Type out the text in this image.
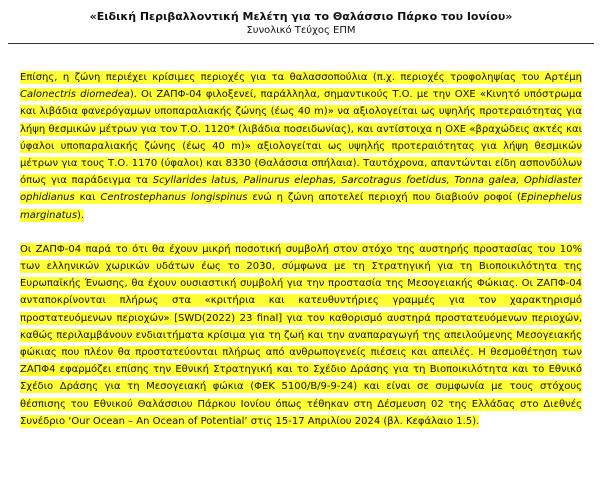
«Ειδική Περιβαλλοντική Μελέτη για το Θαλάσσιο Πάρκο του Ιονίου»

Συνολικό Τεύχος ΕΠΜ

Επίσης, η ζώνη περιέχει κρίσιμες περιοχές για τα θαλασσοπούλια (π.χ. περιοχές τροφοληψίας του Αρτέμη Calonectris diomedea). Οι ΖΑΠΦ-04 φιλοξενεί, παράλληλα, σημαντικούς Τ.Ο. με την ΟΧΕ «Κινητό υπόστρωμα και λιβάδια φανερόγαμων υποπαραλιακής ζώνης (έως 40 m)» να αξιολογείται ως υψηλής προτεραιότητας για λήψη θεσμικών μέτρων για τον Τ.Ο. 1120* (λιβάδια ποσειδωνίας), και αντίστοιχα η ΟΧΕ «βραχώδεις ακτές και ύφαλοι υποπαραλιακής ζώνης (έως 40 m)» αξιολογείται ως υψηλής προτεραιότητας για λήψη θεσμικών μέτρων για τους Τ.Ο. 1170 (ύφαλοι) και 8330 (Θαλάσσια σπήλαια). Ταυτόχρονα, απαντώνται είδη ασπονδύλων όπως για παράδειγμα τα Scyllarides latus, Palinurus elephas, Sarcotragus foetidus, Tonna galea, Ophidiaster ophidianus και Centrostephanus longispinus ενώ η ζώνη αποτελεί περιοχή που διαβιούν ροφοί (Epinephelus marginatus).

Οι ΖΑΠΦ-04 παρά το ότι θα έχουν μικρή ποσοτική συμβολή στον στόχο της αυστηρής προστασίας του 10% των ελληνικών χωρικών υδάτων έως το 2030, σύμφωνα με τη Στρατηγική για τη Βιοποικιλότητα της Ευρωπαϊκής Ένωσης, θα έχουν ουσιαστική συμβολή για την προστασία της Μεσογειακής Φώκιας. Οι ΖΑΠΦ-04 ανταποκρίνονται πλήρως στα «κριτήρια και κατευθυντήριες γραμμές για τον χαρακτηρισμό προστατευόμενων περιοχών» [SWD(2022) 23 final] για τον καθορισμό αυστηρά προστατευόμενων περιοχών, καθώς περιλαμβάνουν ενδιαιτήματα κρίσιμα για τη ζωή και την αναπαραγωγή της απειλούμενης Μεσογειακής φώκιας που πλέον θα προστατεύονται πλήρως από ανθρωπογενείς πιέσεις και απειλές. Η θεσμοθέτηση των ΖΑΠΦ4 εφαρμόζει επίσης την Εθνική Στρατηγική και το Σχέδιο Δράσης για τη Βιοποικιλότητα και το Εθνικό Σχέδιο Δράσης για τη Μεσογειακή φώκια (ΦΕΚ 5100/Β/9-9-24) και είναι σε συμφωνία με τους στόχους θέσπισης του Εθνικού Θαλάσσιου Πάρκου Ιονίου όπως τέθηκαν στη Δέσμευση 02 της Ελλάδας στο Διεθνές Συνέδριο ‘Our Ocean – An Ocean of Potential’ στις 15-17 Απριλίου 2024 (βλ. Κεφάλαιο 1.5).
